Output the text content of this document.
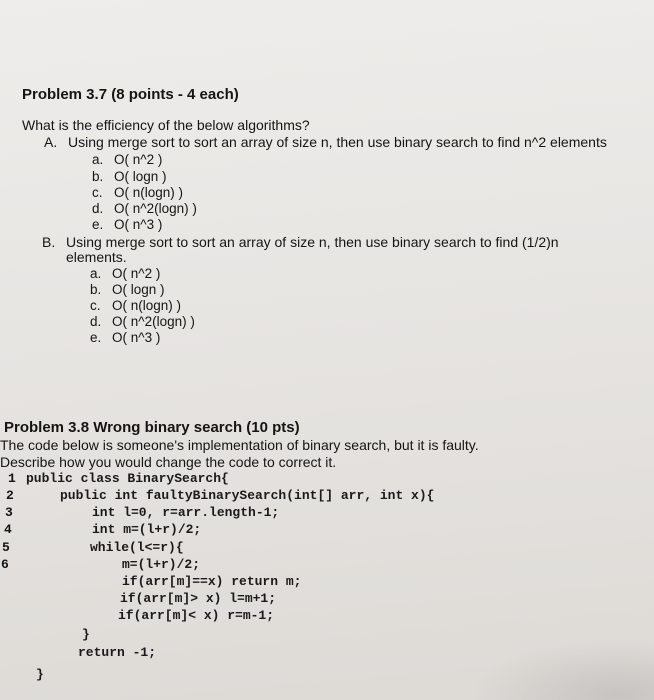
Problem 3.7 (8 points - 4 each)
What is the efficiency of the below algorithms?
A. Using merge sort to sort an array of size n, then use binary search to find n^2 elements
a. O( n^2 )
b. O( logn )
c. O( n(logn) )
d. O( n^2(logn) )
e. O( n^3 )
B. Using merge sort to sort an array of size n, then use binary search to find (1/2)n
elements.
a. O( n^2 )
b. O( logn )
c. O( n(logn) )
d. O( n^2(logn) )
e. O( n^3 )
Problem 3.8 Wrong binary search (10 pts)
The code below is someone's implementation of binary search, but it is faulty.
Describe how you would change the code to correct it.
1
2
3
4
5
6
public class BinarySearch{
public int faultyBinarySearch(int[] arr, int x){
int l=0, r=arr.length-1;
int m=(l+r)/2;
while(l<=r){
m=(l+r)/2;
if(arr[m]==x) return m;
if(arr[m]> x) l=m+1;
if(arr[m]< x) r=m-1;
}
return -1;
}
